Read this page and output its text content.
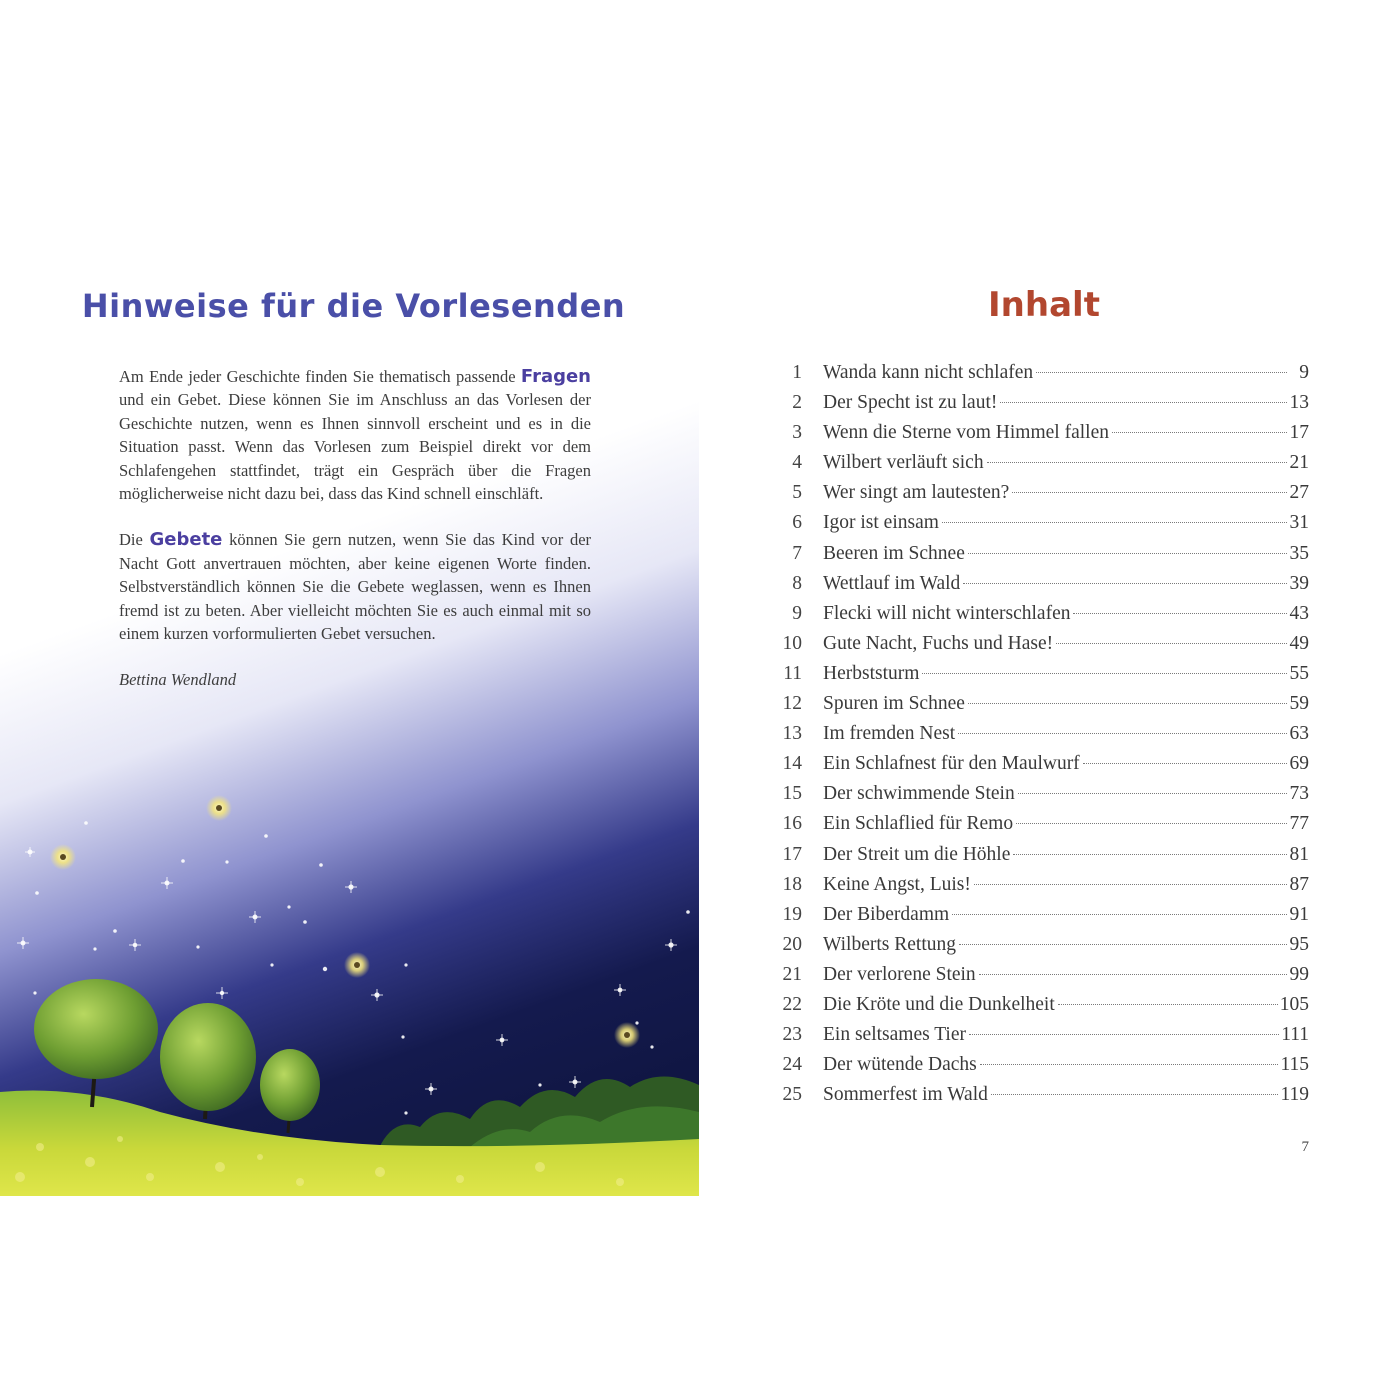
Hinweise für die Vorlesenden

Am Ende jeder Geschichte finden Sie thematisch passende Fragen und ein Gebet. Diese können Sie im Anschluss an das Vorlesen der Geschichte nutzen, wenn es Ihnen sinnvoll erscheint und es in die Situation passt. Wenn das Vorlesen zum Beispiel direkt vor dem Schlafengehen stattfindet, trägt ein Gespräch über die Fragen möglicherweise nicht dazu bei, dass das Kind schnell einschläft.

Die Gebete können Sie gern nutzen, wenn Sie das Kind vor der Nacht Gott anvertrauen möchten, aber keine eigenen Worte finden. Selbstverständlich können Sie die Gebete weglassen, wenn es Ihnen fremd ist zu beten. Aber vielleicht möchten Sie es auch einmal mit so einem kurzen vorformulierten Gebet versuchen.

Bettina Wendland

Inhalt
1 Wanda kann nicht schlafen	9
2 Der Specht ist zu laut!	13
3 Wenn die Sterne vom Himmel fallen	17
4 Wilbert verläuft sich	21
5 Wer singt am lautesten?	27
6 Igor ist einsam	31
7 Beeren im Schnee	35
8 Wettlauf im Wald	39
9 Flecki will nicht winterschlafen	43
10 Gute Nacht, Fuchs und Hase!	49
11 Herbststurm	55
12 Spuren im Schnee	59
13 Im fremden Nest	63
14 Ein Schlafnest für den Maulwurf	69
15 Der schwimmende Stein	73
16 Ein Schlaflied für Remo	77
17 Der Streit um die Höhle	81
18 Keine Angst, Luis!	87
19 Der Biberdamm	91
20 Wilberts Rettung	95
21 Der verlorene Stein	99
22 Die Kröte und die Dunkelheit	105
23 Ein seltsames Tier	111
24 Der wütende Dachs	115
25 Sommerfest im Wald	119
7
